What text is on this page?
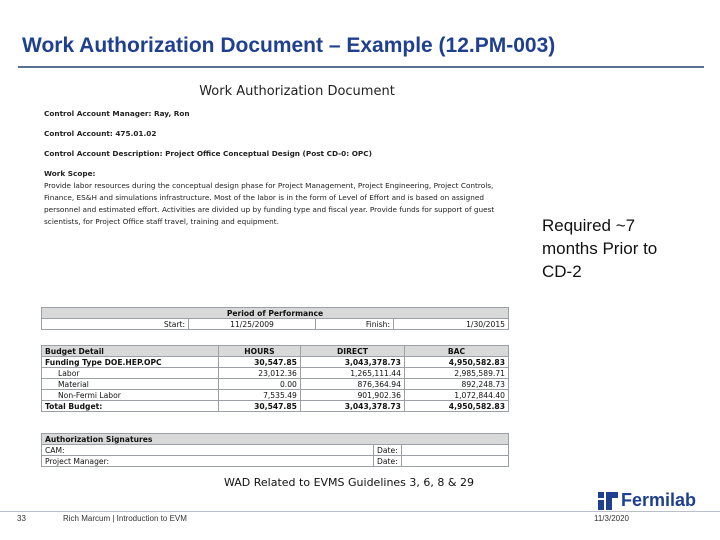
Work Authorization Document – Example (12.PM-003)
Work Authorization Document
Control Account Manager: Ray, Ron
Control Account: 475.01.02
Control Account Description: Project Office Conceptual Design (Post CD-0: OPC)
Work Scope:
Provide labor resources during the conceptual design phase for Project Management, Project Engineering, Project Controls, Finance, ES&H and simulations infrastructure. Most of the labor is in the form of Level of Effort and is based on assigned personnel and estimated effort. Activities are divided up by funding type and fiscal year. Provide funds for support of guest scientists, for Project Office staff travel, training and equipment.
Period of Performance
Start:	11/25/2009	Finish:	1/30/2015
Budget Detail	HOURS	DIRECT	BAC
Funding Type DOE.HEP.OPC	30,547.85	3,043,378.73	4,950,582.83
Labor	23,012.36	1,265,111.44	2,985,589.71
Material	0.00	876,364.94	892,248.73
Non-Fermi Labor	7,535.49	901,902.36	1,072,844.40
Total Budget:	30,547.85	3,043,378.73	4,950,582.83
Authorization Signatures		
CAM:	Date:	
Project Manager:	Date:	
Required ~7
months Prior to
CD-2
WAD Related to EVMS Guidelines 3, 6, 8 & 29
33	Rich Marcum | Introduction to EVM	11/3/2020
Fermilab
